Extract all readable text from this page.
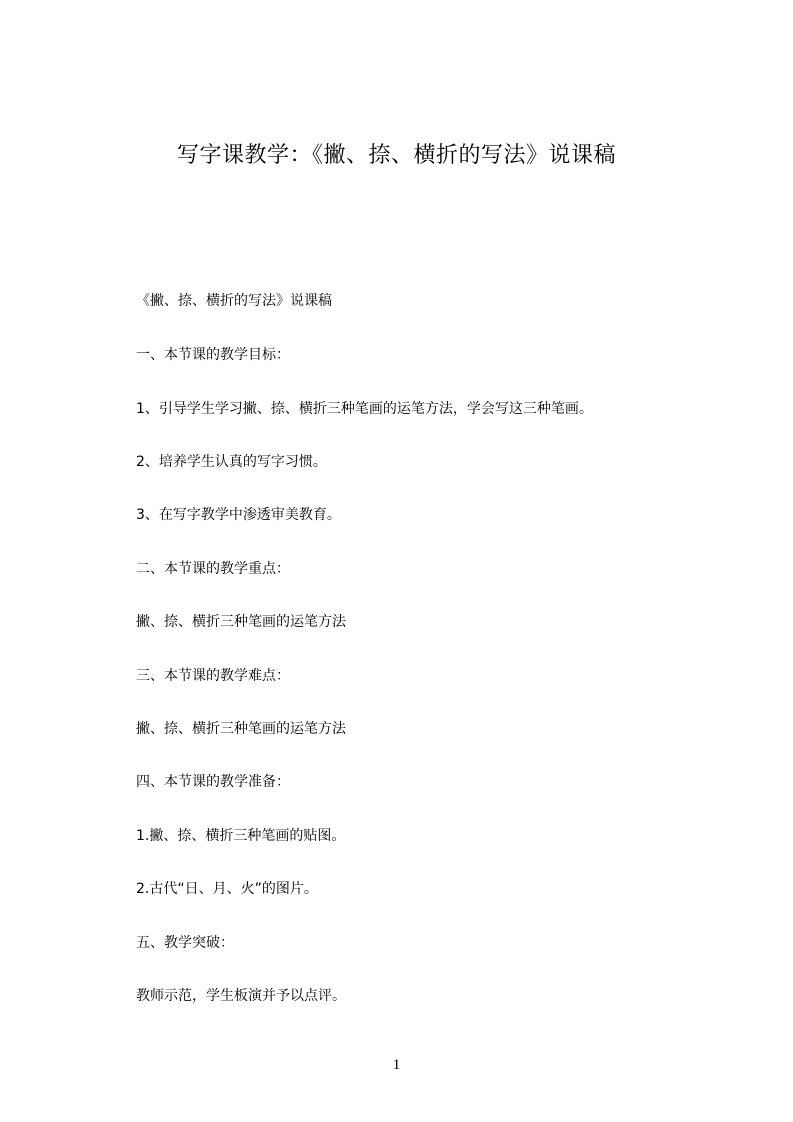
写字课教学：《撇、捺、横折的写法》说课稿
《撇、捺、横折的写法》说课稿
一、本节课的教学目标：
1、引导学生学习撇、捺、横折三种笔画的运笔方法，学会写这三种笔画。
2、培养学生认真的写字习惯。
3、在写字教学中渗透审美教育。
二、本节课的教学重点：
撇、捺、横折三种笔画的运笔方法
三、本节课的教学难点：
撇、捺、横折三种笔画的运笔方法
四、本节课的教学准备：
1.撇、捺、横折三种笔画的贴图。
2.古代“日、月、火”的图片。
五、教学突破：
教师示范，学生板演并予以点评。
1
